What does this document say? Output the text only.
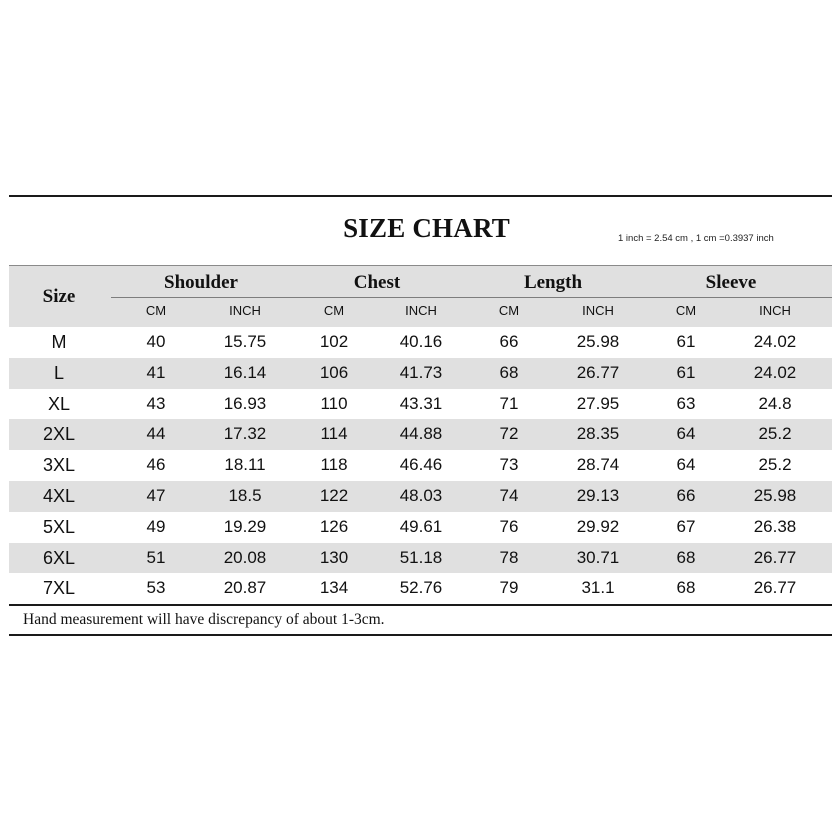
SIZE CHART	1 inch = 2.54 cm , 1 cm =0.3937 inch
Size
Shoulder	Chest	Length	Sleeve
CM	INCH	CM	INCH	CM	INCH	CM	INCH
M	40	15.75	102	40.16	66	25.98	61	24.02
L	41	16.14	106	41.73	68	26.77	61	24.02
XL	43	16.93	110	43.31	71	27.95	63	24.8
2XL	44	17.32	114	44.88	72	28.35	64	25.2
3XL	46	18.11	118	46.46	73	28.74	64	25.2
4XL	47	18.5	122	48.03	74	29.13	66	25.98
5XL	49	19.29	126	49.61	76	29.92	67	26.38
6XL	51	20.08	130	51.18	78	30.71	68	26.77
7XL	53	20.87	134	52.76	79	31.1	68	26.77
Hand measurement will have discrepancy of about 1-3cm.
